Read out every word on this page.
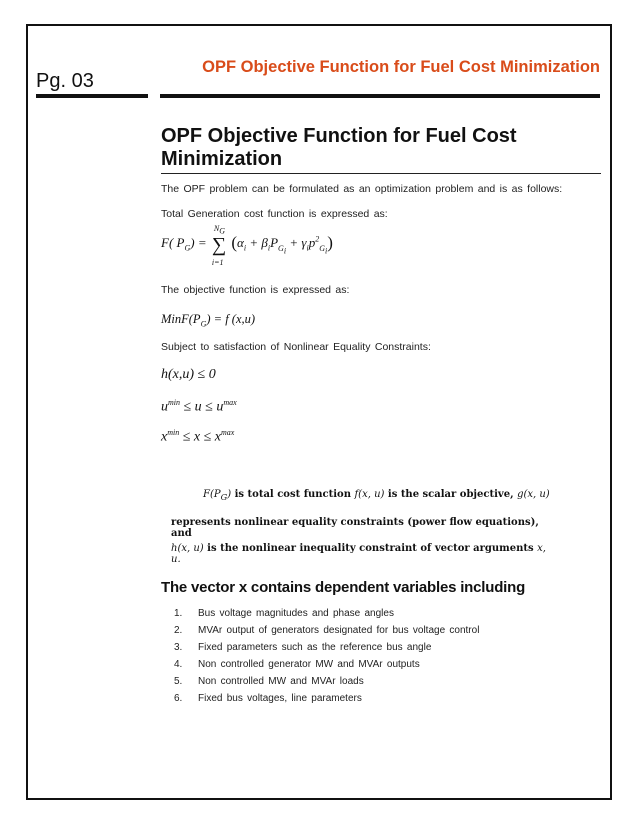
Pg. 03
OPF Objective Function for Fuel Cost Minimization
OPF Objective Function for Fuel Cost Minimization
The OPF problem can be formulated as an optimization problem and is as follows:
Total Generation cost function is expressed as:
F( $P_G$) = ∑
$N_G$
i=1
$(\alpha_i + \beta_iP_{G_i} + \gamma_ip^2_{G_i})$
The objective function is expressed as:
$MinF(P_G) = f$ (x,u)
Subject to satisfaction of Nonlinear Equality Constraints:
h(x,u) ≤ 0
$u^{min} \le u \le u^{max}$
$x^{min} \le x \le x^{max}$
$F(P_G)$ is total cost function f(x, u) is the scalar objective, g(x, u)
represents nonlinear equality constraints (power flow equations), and
h(x, u) is the nonlinear inequality constraint of vector arguments x, u.
The vector x contains dependent variables including
1. Bus voltage magnitudes and phase angles
2. MVAr output of generators designated for bus voltage control
3. Fixed parameters such as the reference bus angle
4. Non controlled generator MW and MVAr outputs
5. Non controlled MW and MVAr loads
6. Fixed bus voltages, line parameters
